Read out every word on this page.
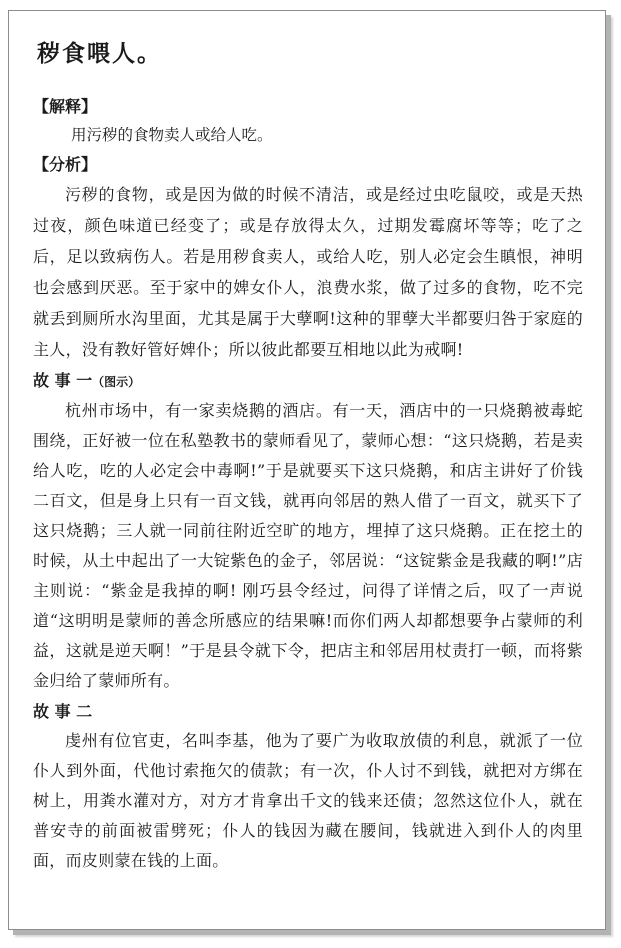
秽食喂人。
【解释】

用污秽的食物卖人或给人吃。

【分析】

污秽的食物，或是因为做的时候不清洁，或是经过虫吃鼠咬，或是天热过夜，颜色味道已经变了；或是存放得太久，过期发霉腐坏等等；吃了之后，足以致病伤人。若是用秽食卖人，或给人吃，别人必定会生瞋恨，神明也会感到厌恶。至于家中的婢女仆人，浪费水浆，做了过多的食物，吃不完就丢到厕所水沟里面，尤其是属于大孽啊!这种的罪孽大半都要归咎于家庭的主人，没有教好管好婢仆；所以彼此都要互相地以此为戒啊!

故 事 一（图示）

杭州市场中，有一家卖烧鹅的酒店。有一天，酒店中的一只烧鹅被毒蛇围绕，正好被一位在私塾教书的蒙师看见了，蒙师心想：“这只烧鹅，若是卖给人吃，吃的人必定会中毒啊!”于是就要买下这只烧鹅，和店主讲好了价钱二百文，但是身上只有一百文钱，就再向邻居的熟人借了一百文，就买下了这只烧鹅；三人就一同前往附近空旷的地方，埋掉了这只烧鹅。正在挖土的时候，从土中起出了一大锭紫色的金子，邻居说：“这锭紫金是我藏的啊!”店主则说：“紫金是我掉的啊! 刚巧县令经过，问得了详情之后，叹了一声说道“这明明是蒙师的善念所感应的结果嘛!而你们两人却都想要争占蒙师的利益，这就是逆天啊！”于是县令就下令，把店主和邻居用杖责打一顿，而将紫金归给了蒙师所有。

故 事 二

虔州有位官吏，名叫李基，他为了要广为收取放债的利息，就派了一位仆人到外面，代他讨索拖欠的债款；有一次，仆人讨不到钱，就把对方绑在树上，用粪水灌对方，对方才肯拿出千文的钱来还债；忽然这位仆人，就在普安寺的前面被雷劈死；仆人的钱因为藏在腰间，钱就进入到仆人的肉里面，而皮则蒙在钱的上面。
